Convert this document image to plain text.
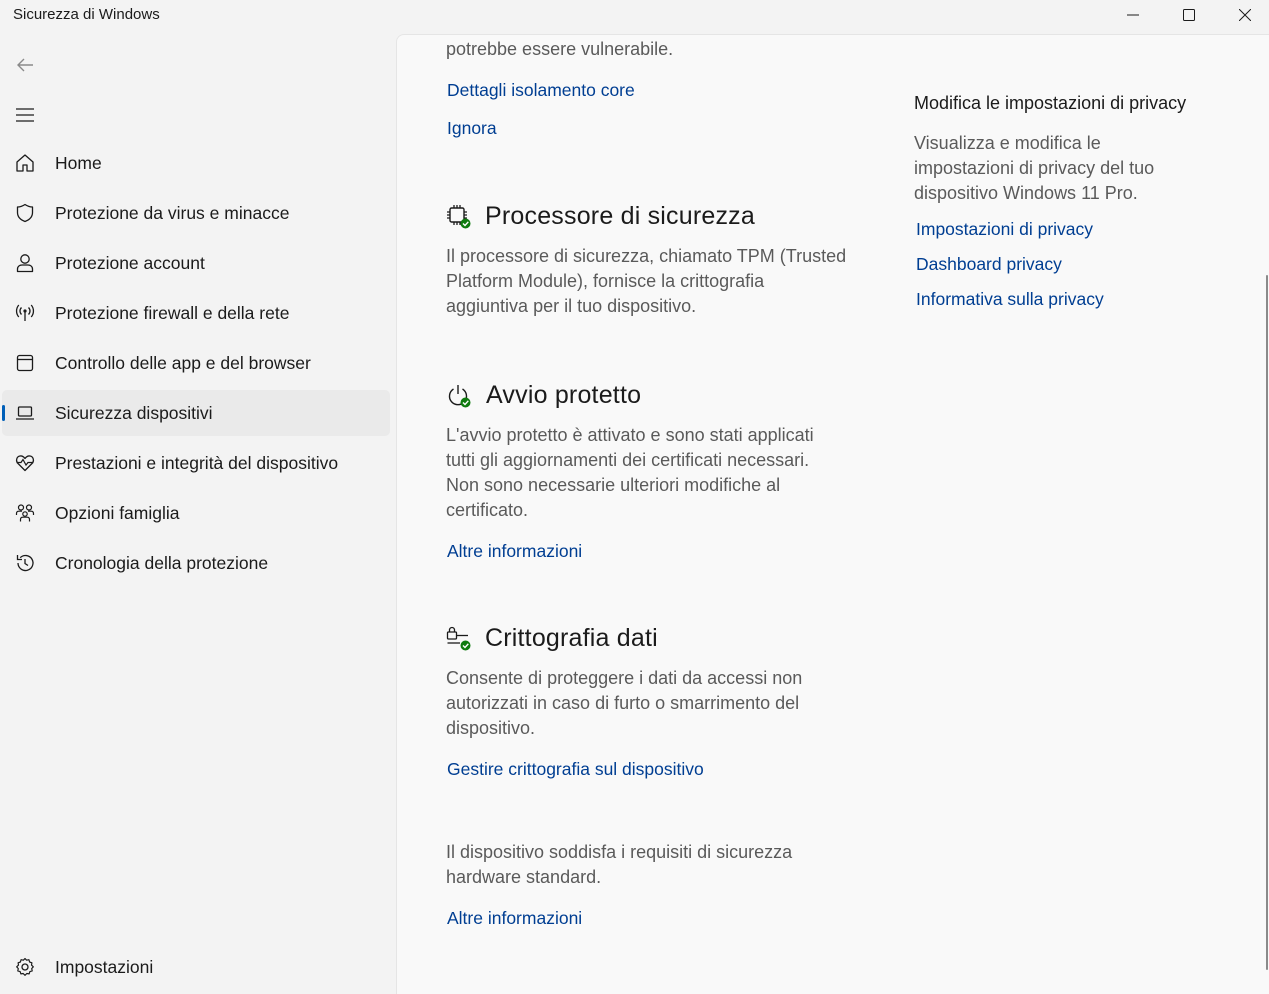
Sicurezza di Windows
Home
Protezione da virus e minacce
Protezione account
Protezione firewall e della rete
Controllo delle app e del browser
Sicurezza dispositivi
Prestazioni e integrità del dispositivo
Opzioni famiglia
Cronologia della protezione
Impostazioni
potrebbe essere vulnerabile.
Dettagli isolamento core
Ignora
Processore di sicurezza
Il processore di sicurezza, chiamato TPM (Trusted
Platform Module), fornisce la crittografia
aggiuntiva per il tuo dispositivo.
Avvio protetto
L'avvio protetto è attivato e sono stati applicati
tutti gli aggiornamenti dei certificati necessari.
Non sono necessarie ulteriori modifiche al
certificato.
Altre informazioni
Crittografia dati
Consente di proteggere i dati da accessi non
autorizzati in caso di furto o smarrimento del
dispositivo.
Gestire crittografia sul dispositivo
Il dispositivo soddisfa i requisiti di sicurezza
hardware standard.
Altre informazioni
Modifica le impostazioni di privacy
Visualizza e modifica le
impostazioni di privacy del tuo
dispositivo Windows 11 Pro.
Impostazioni di privacy
Dashboard privacy
Informativa sulla privacy
